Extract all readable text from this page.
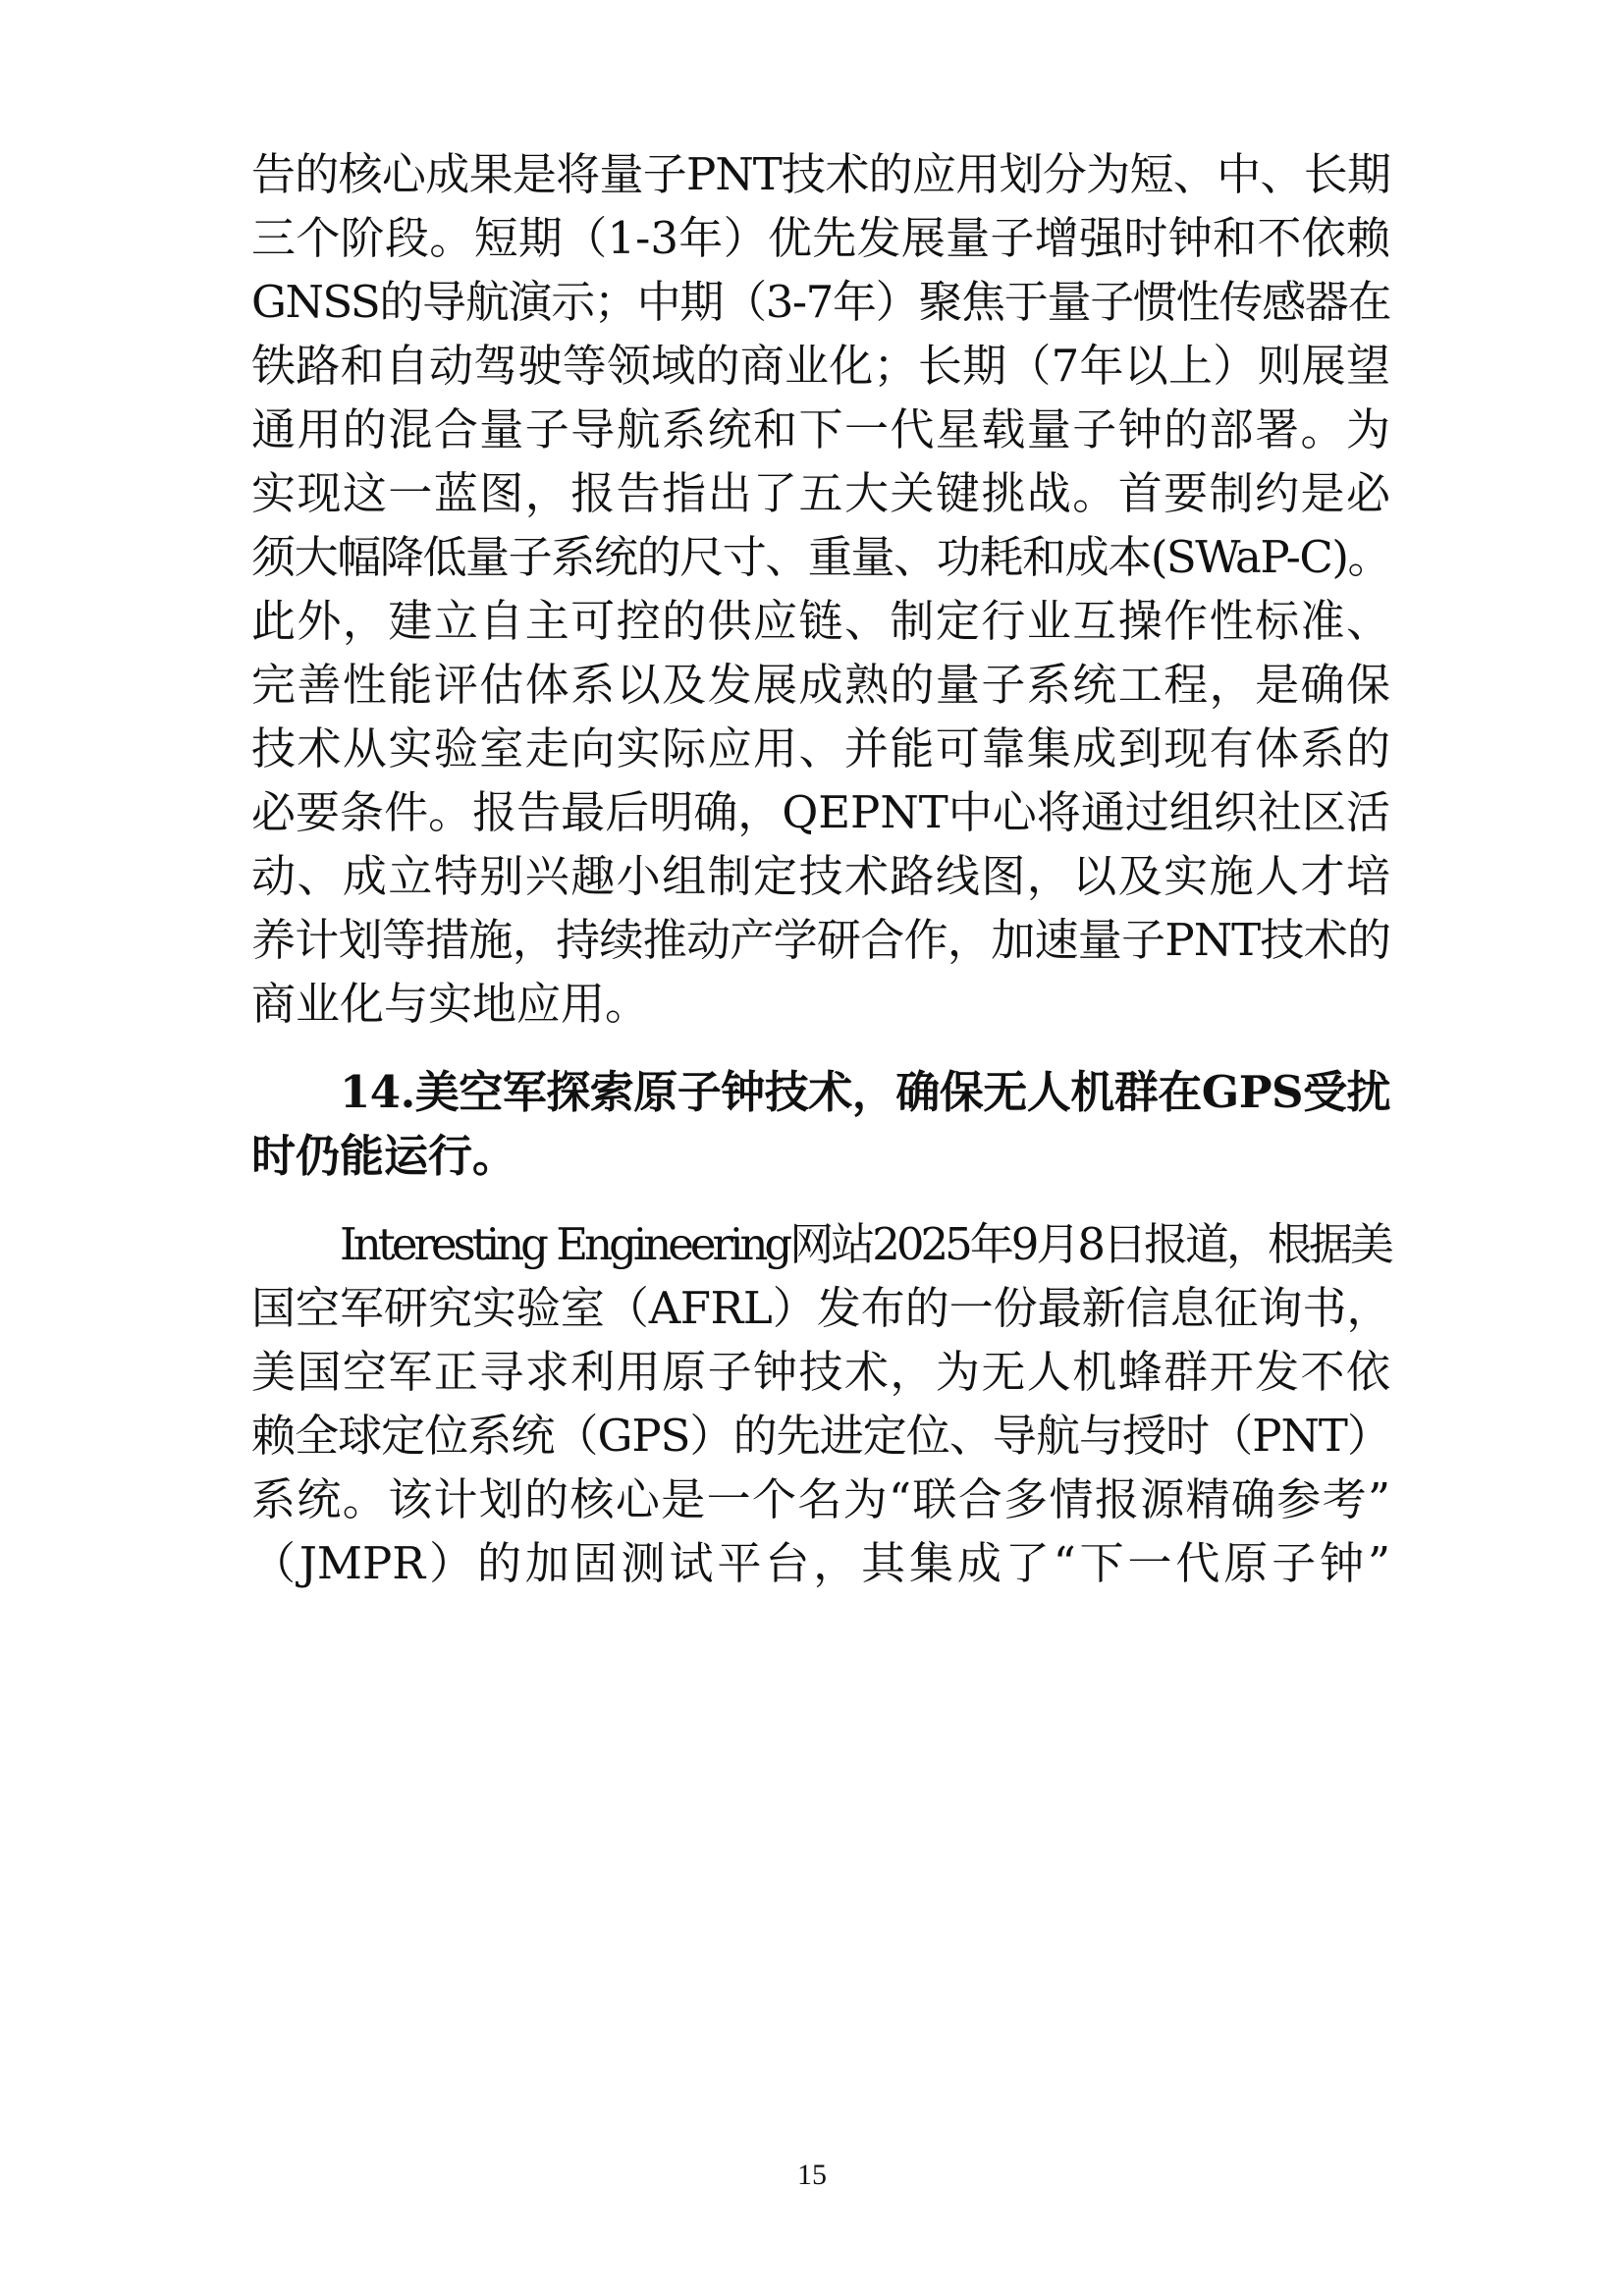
告的核心成果是将量子PNT技术的应用划分为短、中、长期
三个阶段。短期（1-3年）优先发展量子增强时钟和不依赖
GNSS的导航演示；中期（3-7年）聚焦于量子惯性传感器在
铁路和自动驾驶等领域的商业化；长期（7年以上）则展望
通用的混合量子导航系统和下一代星载量子钟的部署。为
实现这一蓝图，报告指出了五大关键挑战。首要制约是必
须大幅降低量子系统的尺寸、重量、功耗和成本(SWaP-C)。
此外，建立自主可控的供应链、制定行业互操作性标准、
完善性能评估体系以及发展成熟的量子系统工程，是确保
技术从实验室走向实际应用、并能可靠集成到现有体系的
必要条件。报告最后明确，QEPNT中心将通过组织社区活
动、成立特别兴趣小组制定技术路线图，以及实施人才培
养计划等措施，持续推动产学研合作，加速量子PNT技术的
商业化与实地应用。
14.美空军探索原子钟技术，确保无人机群在GPS受扰
时仍能运行。
Interesting Engineering网站2025年9月8日报道，根据美
国空军研究实验室（AFRL）发布的一份最新信息征询书，
美国空军正寻求利用原子钟技术，为无人机蜂群开发不依
赖全球定位系统（GPS）的先进定位、导航与授时（PNT）
系统。该计划的核心是一个名为“联合多情报源精确参考”
（JMPR）的加固测试平台，其集成了“下一代原子钟”
15
